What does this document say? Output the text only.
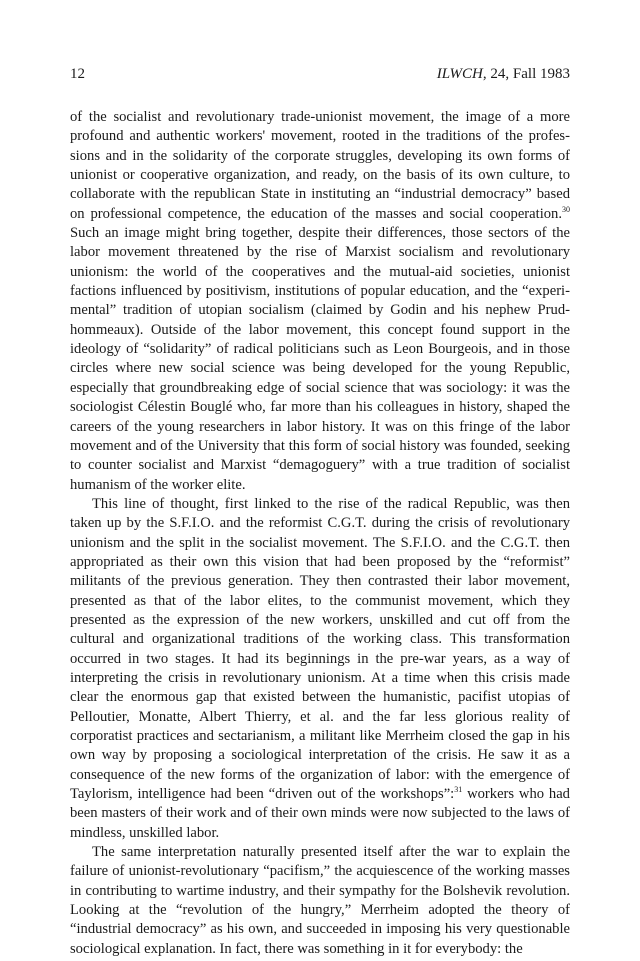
12	ILWCH, 24, Fall 1983

of the socialist and revolutionary trade-unionist movement, the image of a more profound and authentic workers' movement, rooted in the traditions of the professions and in the solidarity of the corporate struggles, developing its own forms of unionist or cooperative organization, and ready, on the basis of its own culture, to collaborate with the republican State in instituting an “industrial democracy” based on professional competence, the education of the masses and social cooperation.$^{30}$ Such an image might bring together, despite their differences, those sectors of the labor movement threatened by the rise of Marxist socialism and revolutionary unionism: the world of the cooperatives and the mutual-aid societies, unionist factions influenced by positivism, institutions of popular education, and the “experimental” tradition of utopian socialism (claimed by Godin and his nephew Prudhommeaux). Outside of the labor movement, this concept found support in the ideology of “solidarity” of radical politicians such as Leon Bourgeois, and in those circles where new social science was being developed for the young Republic, especially that groundbreaking edge of social science that was sociology: it was the sociologist Célestin Bouglé who, far more than his colleagues in history, shaped the careers of the young researchers in labor history. It was on this fringe of the labor movement and of the University that this form of social history was founded, seeking to counter socialist and Marxist “demagoguery” with a true tradition of socialist humanism of the worker elite.

This line of thought, first linked to the rise of the radical Republic, was then taken up by the S.F.I.O. and the reformist C.G.T. during the crisis of revolutionary unionism and the split in the socialist movement. The S.F.I.O. and the C.G.T. then appropriated as their own this vision that had been proposed by the “reformist” militants of the previous generation. They then contrasted their labor movement, presented as that of the labor elites, to the communist movement, which they presented as the expression of the new workers, unskilled and cut off from the cultural and organizational traditions of the working class. This transformation occurred in two stages. It had its beginnings in the pre-war years, as a way of interpreting the crisis in revolutionary unionism. At a time when this crisis made clear the enormous gap that existed between the humanistic, pacifist utopias of Pelloutier, Monatte, Albert Thierry, et al. and the far less glorious reality of corporatist practices and sectarianism, a militant like Merrheim closed the gap in his own way by proposing a sociological interpretation of the crisis. He saw it as a consequence of the new forms of the organization of labor: with the emergence of Taylorism, intelligence had been “driven out of the workshops”:$^{31}$ workers who had been masters of their work and of their own minds were now subjected to the laws of mindless, unskilled labor.

The same interpretation naturally presented itself after the war to explain the failure of unionist-revolutionary “pacifism,” the acquiescence of the working masses in contributing to wartime industry, and their sympathy for the Bolshevik revolution. Looking at the “revolution of the hungry,” Merrheim adopted the theory of “industrial democracy” as his own, and succeeded in imposing his very questionable sociological explanation. In fact, there was something in it for everybody: the
